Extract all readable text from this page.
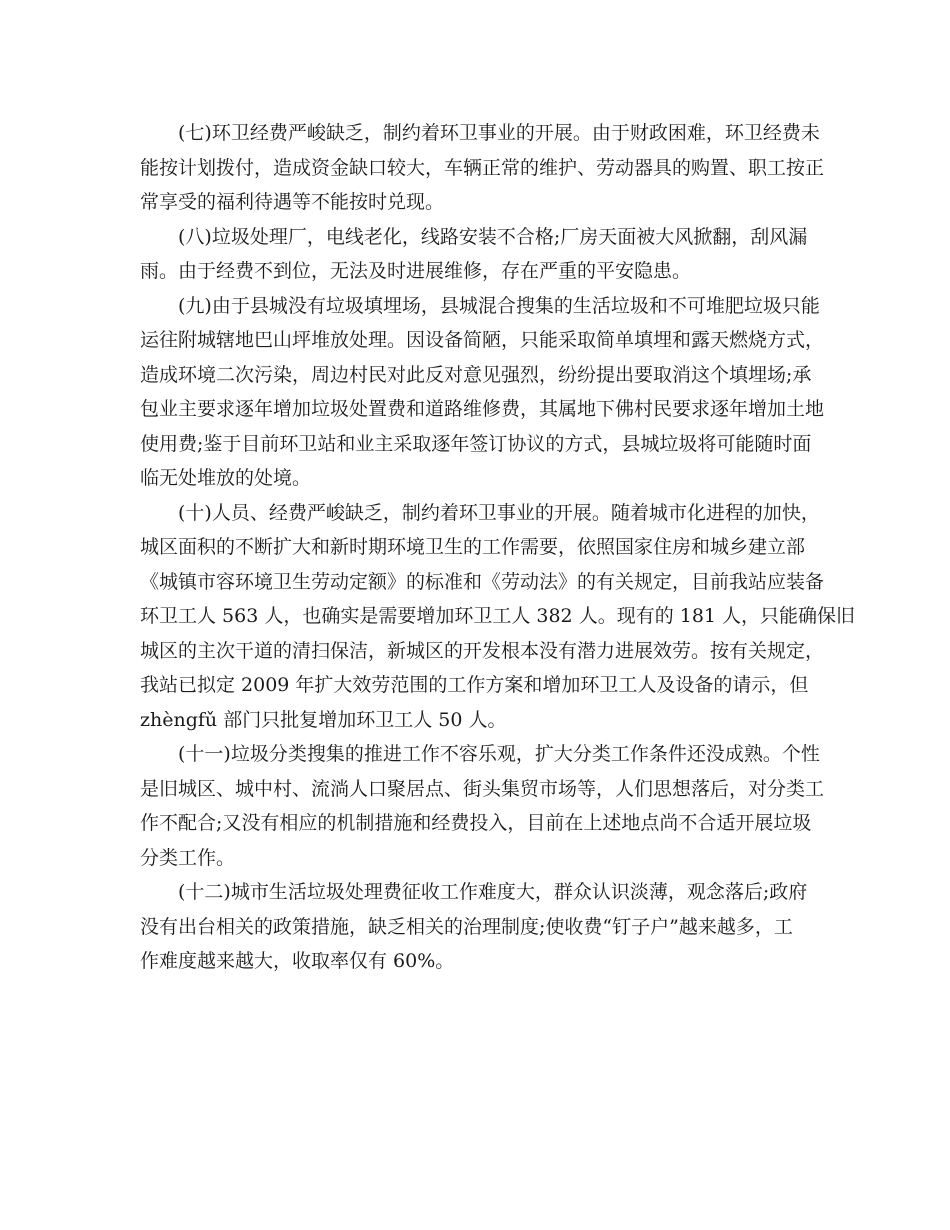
(七)环卫经费严峻缺乏，制约着环卫事业的开展。由于财政困难，环卫经费未
能按计划拨付，造成资金缺口较大，车辆正常的维护、劳动器具的购置、职工按正
常享受的福利待遇等不能按时兑现。
(八)垃圾处理厂，电线老化，线路安装不合格;厂房天面被大风掀翻，刮风漏
雨。由于经费不到位，无法及时进展维修，存在严重的平安隐患。
(九)由于县城没有垃圾填埋场，县城混合搜集的生活垃圾和不可堆肥垃圾只能
运往附城辖地巴山坪堆放处理。因设备简陋，只能采取简单填埋和露天燃烧方式，
造成环境二次污染，周边村民对此反对意见强烈，纷纷提出要取消这个填埋场;承
包业主要求逐年增加垃圾处置费和道路维修费，其属地下佛村民要求逐年增加土地
使用费;鉴于目前环卫站和业主采取逐年签订协议的方式，县城垃圾将可能随时面
临无处堆放的处境。
(十)人员、经费严峻缺乏，制约着环卫事业的开展。随着城市化进程的加快，
城区面积的不断扩大和新时期环境卫生的工作需要，依照国家住房和城乡建立部
《城镇市容环境卫生劳动定额》的标准和《劳动法》的有关规定，目前我站应装备
环卫工人 563 人，也确实是需要增加环卫工人 382 人。现有的 181 人，只能确保旧
城区的主次干道的清扫保洁，新城区的开发根本没有潜力进展效劳。按有关规定，
我站已拟定 2009 年扩大效劳范围的工作方案和增加环卫工人及设备的请示，但
zhèngfǔ 部门只批复增加环卫工人 50 人。
(十一)垃圾分类搜集的推进工作不容乐观，扩大分类工作条件还没成熟。个性
是旧城区、城中村、流淌人口聚居点、街头集贸市场等，人们思想落后，对分类工
作不配合;又没有相应的机制措施和经费投入，目前在上述地点尚不合适开展垃圾
分类工作。
(十二)城市生活垃圾处理费征收工作难度大，群众认识淡薄，观念落后;政府
没有出台相关的政策措施，缺乏相关的治理制度;使收费“钉子户”越来越多，工
作难度越来越大，收取率仅有 60%。
